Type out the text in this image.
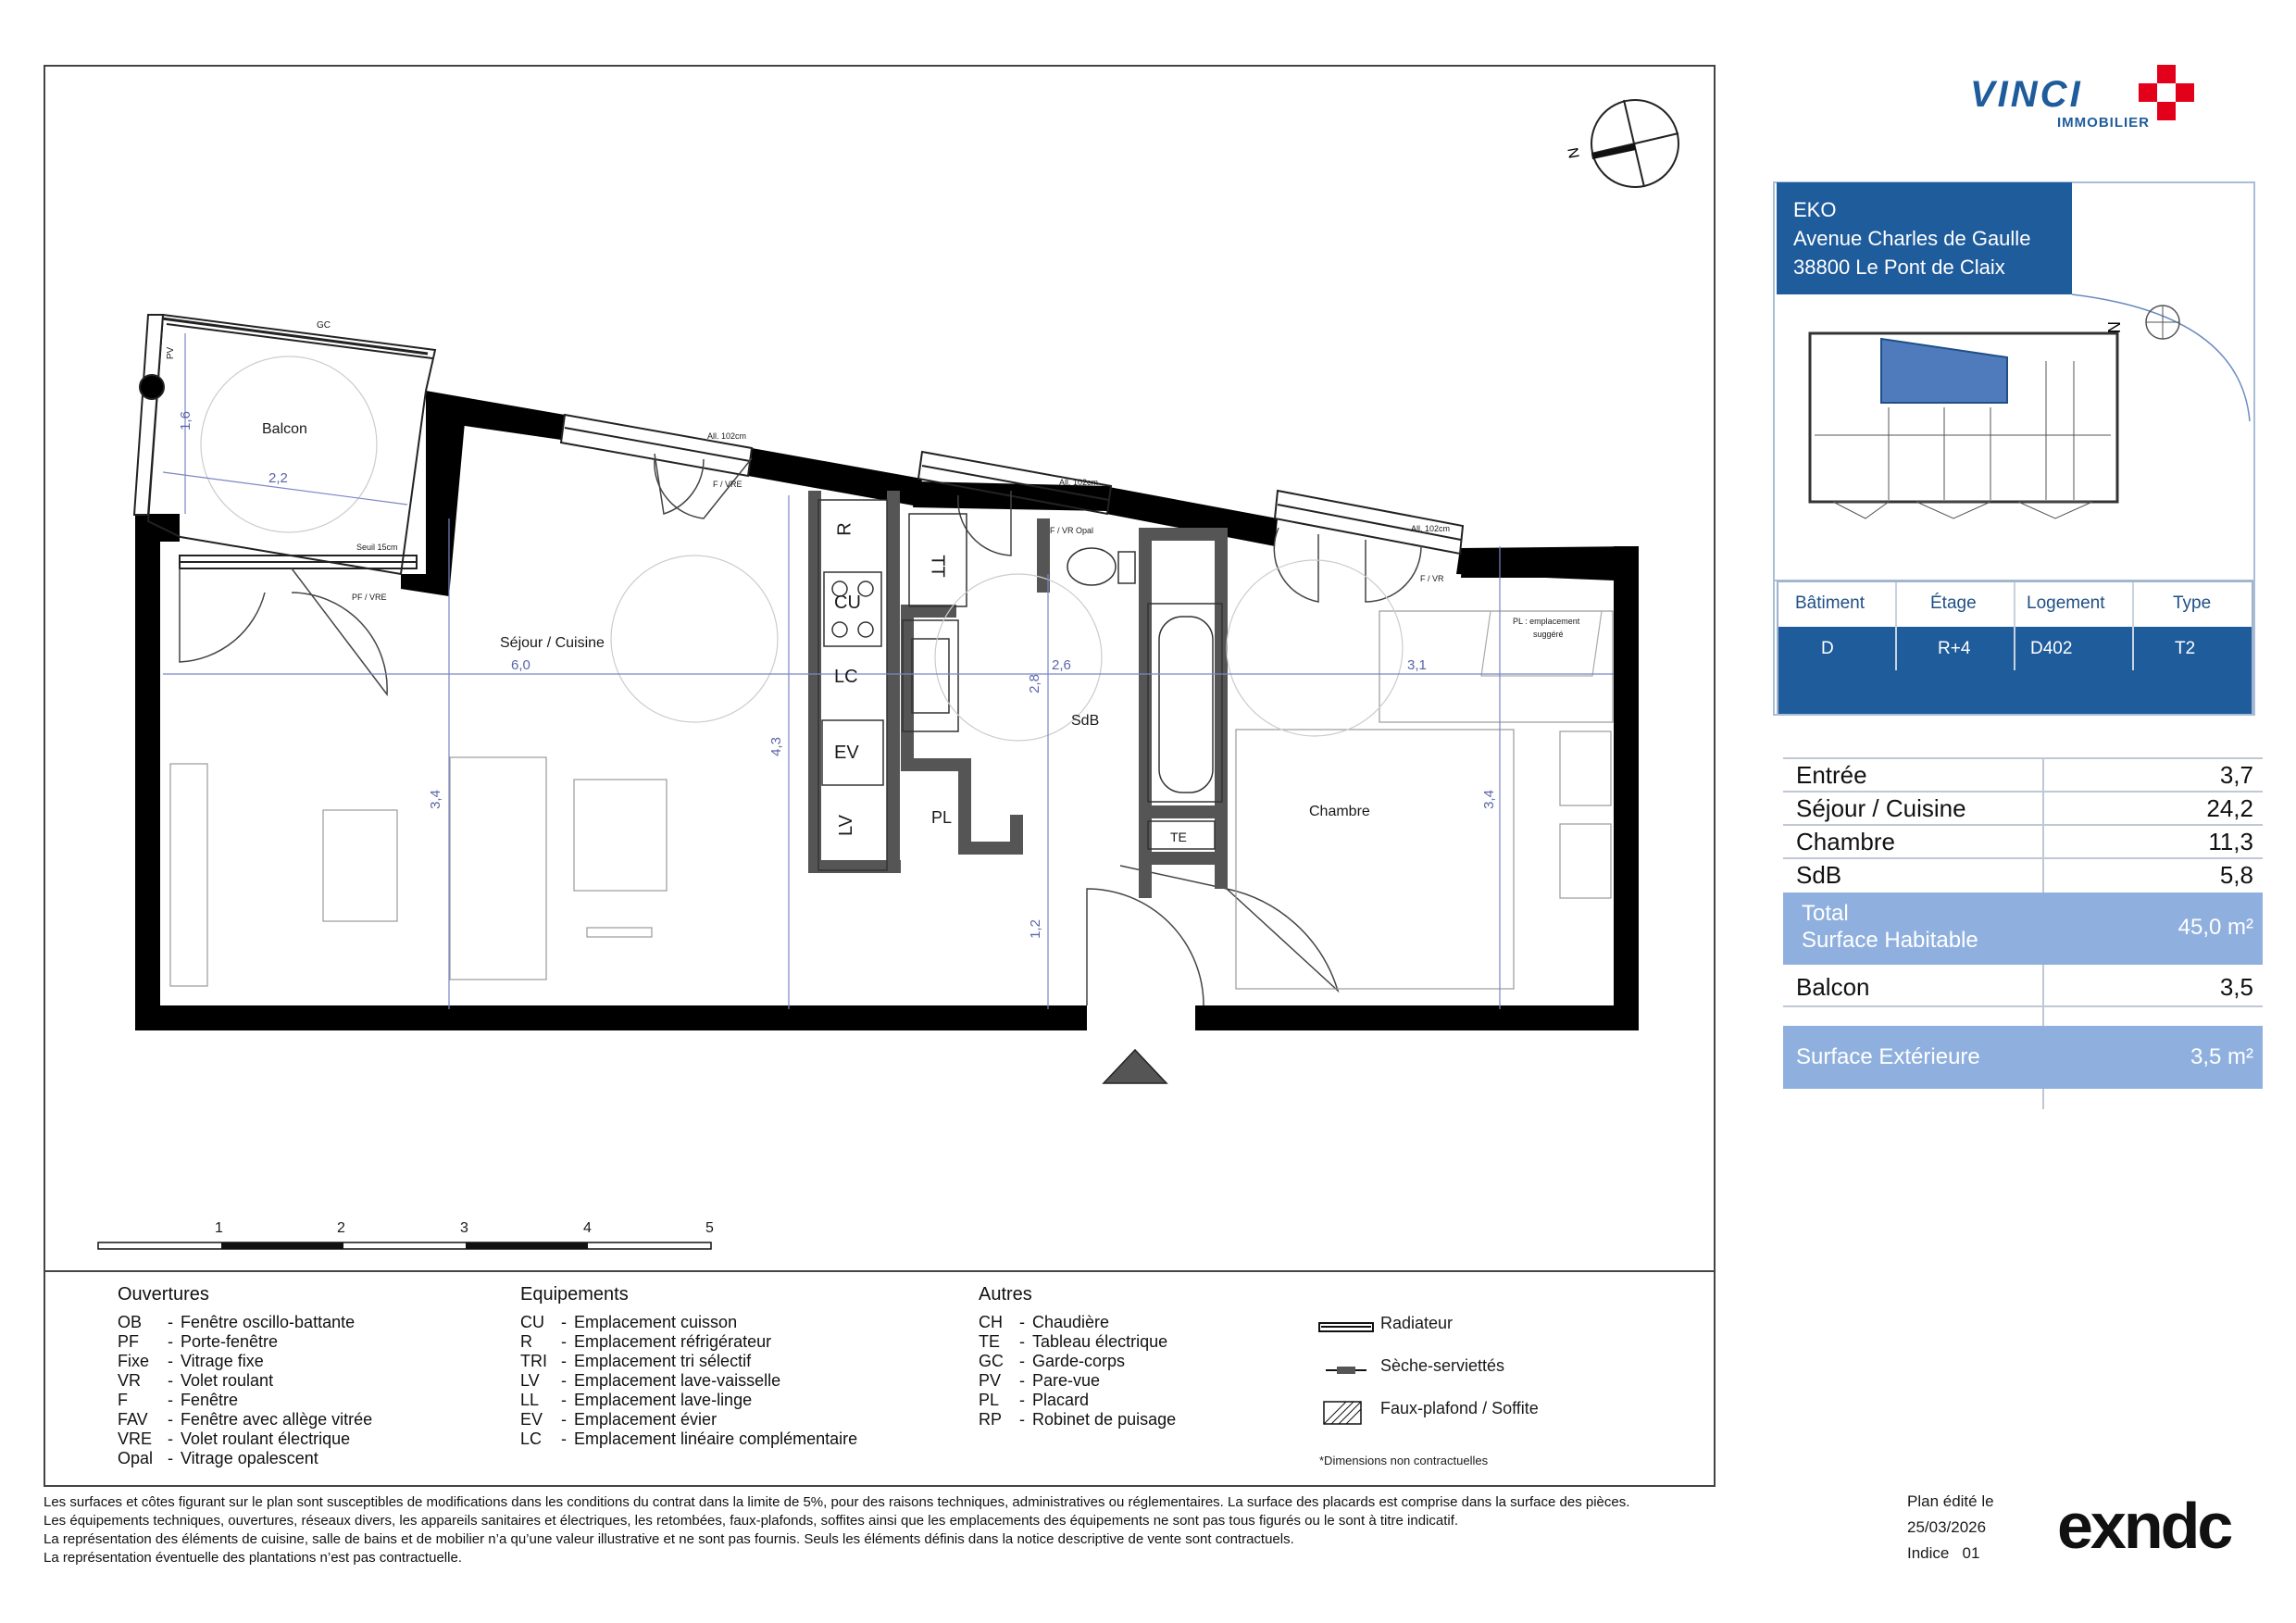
N
N
VINCI
IMMOBILIER
Balcon
Séjour / Cuisine
SdB
Chambre
PL
TE
R
CU
LC
EV
LV
TT
1,6
2,2
6,0
3,4
4,3
2,8
2,6	3,1
3,4
1,2
GC
PV
Seuil 15cm
PF / VRE
All. 102cm
F / VRE	All. 102cm
F / VR Opal	All. 102cm
F / VR
PL : emplacement
suggéré
1	2	3	4	5
Ouvertures
OB	- Fenêtre oscillo-battante
PF	- Porte-fenêtre
Fixe	- Vitrage fixe
VR	- Volet roulant
F	- Fenêtre
FAV	- Fenêtre avec allège vitrée
VRE - Volet roulant électrique
Opal - Vitrage opalescent
Equipements
CU	- Emplacement cuisson
R	- Emplacement réfrigérateur
TRI - Emplacement tri sélectif
LV	- Emplacement lave-vaisselle
LL	- Emplacement lave-linge
EV	- Emplacement évier
LC	- Emplacement linéaire complémentaire
Autres
CH	- Chaudière
TE	- Tableau électrique
GC - Garde-corps
PV	- Pare-vue
PL	- Placard
RP	- Robinet de puisage
Radiateur
Sèche-serviettés
Faux-plafond / Soffite
*Dimensions non contractuelles
EKO
Avenue Charles de Gaulle
38800 Le Pont de Claix
Bâtiment	Étage	Logement	Type
D	R+4	D402	T2
Entrée	3,7
Séjour / Cuisine	24,2
Chambre	11,3
SdB	5,8
Total
Surface Habitable
45,0 m²
Balcon	3,5
Surface Extérieure	3,5 m²
Les surfaces et côtes figurant sur le plan sont susceptibles de modifications dans les conditions du contrat dans la limite de 5%, pour des raisons techniques, administratives ou réglementaires. La surface des placards est comprise dans la surface des pièces.
Les équipements techniques, ouvertures, réseaux divers, les appareils sanitaires et électriques, les retombées, faux-plafonds, soffites ainsi que les emplacements des équipements ne sont pas tous figurés ou le sont à titre indicatif.
La représentation des éléments de cuisine, salle de bains et de mobilier n’a qu’une valeur illustrative et ne sont pas fournis. Seuls les éléments définis dans la notice descriptive de vente sont contractuels.
La représentation éventuelle des plantations n’est pas contractuelle.
Plan édité le
25/03/2026
Indice 01 exndc
